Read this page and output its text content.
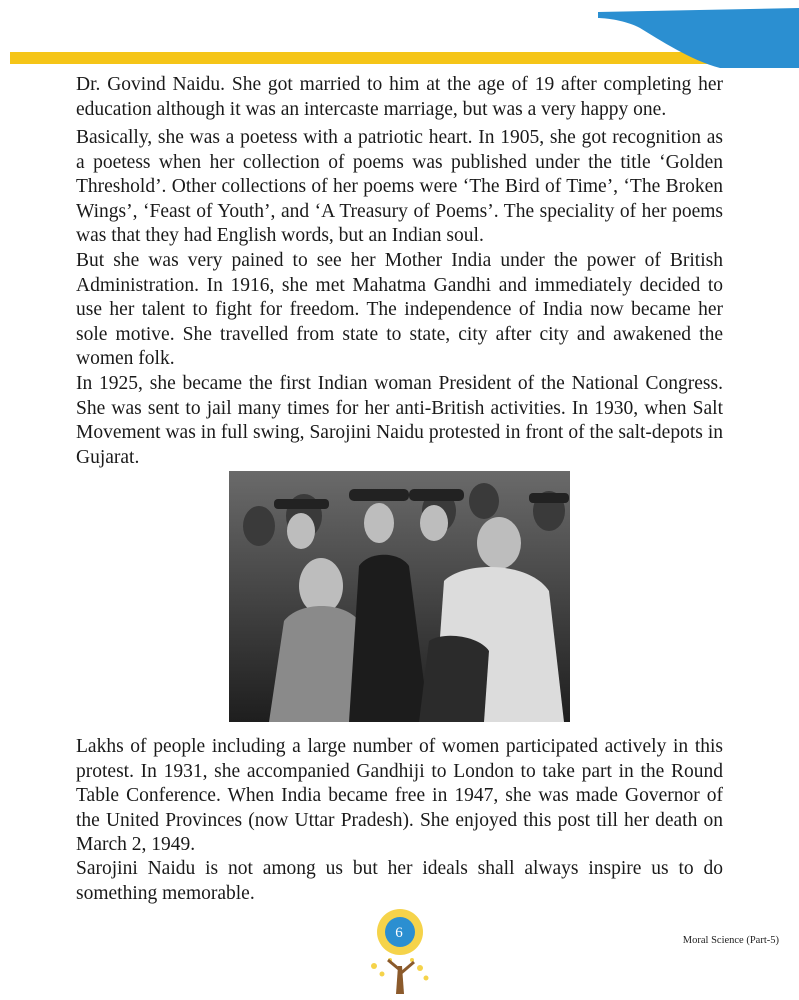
Dr. Govind Naidu. She got married to him at the age of 19 after completing her education although it was an intercaste marriage, but was a very happy one.

Basically, she was a poetess with a patriotic heart. In 1905, she got recognition as a poetess when her collection of poems was published under the title ‘Golden Threshold’. Other collections of her poems were ‘The Bird of Time’, ‘The Broken Wings’, ‘Feast of Youth’, and ‘A Treasury of Poems’. The speciality of her poems was that they had English words, but an Indian soul.

But she was very pained to see her Mother India under the power of British Administration. In 1916, she met Mahatma Gandhi and immediately decided to use her talent to fight for freedom. The independence of India now became her sole motive. She travelled from state to state, city after city and awakened the women folk.

In 1925, she became the first Indian woman President of the National Congress. She was sent to jail many times for her anti-British activities. In 1930, when Salt Movement was in full swing, Sarojini Naidu protested in front of the salt-depots in Gujarat.

Lakhs of people including a large number of women participated actively in this protest. In 1931, she accompanied Gandhiji to London to take part in the Round Table Conference. When India became free in 1947, she was made Governor of the United Provinces (now Uttar Pradesh). She enjoyed this post till her death on March 2, 1949.

Sarojini Naidu is not among us but her ideals shall always inspire us to do something memorable.

6	Moral Science (Part-5)
